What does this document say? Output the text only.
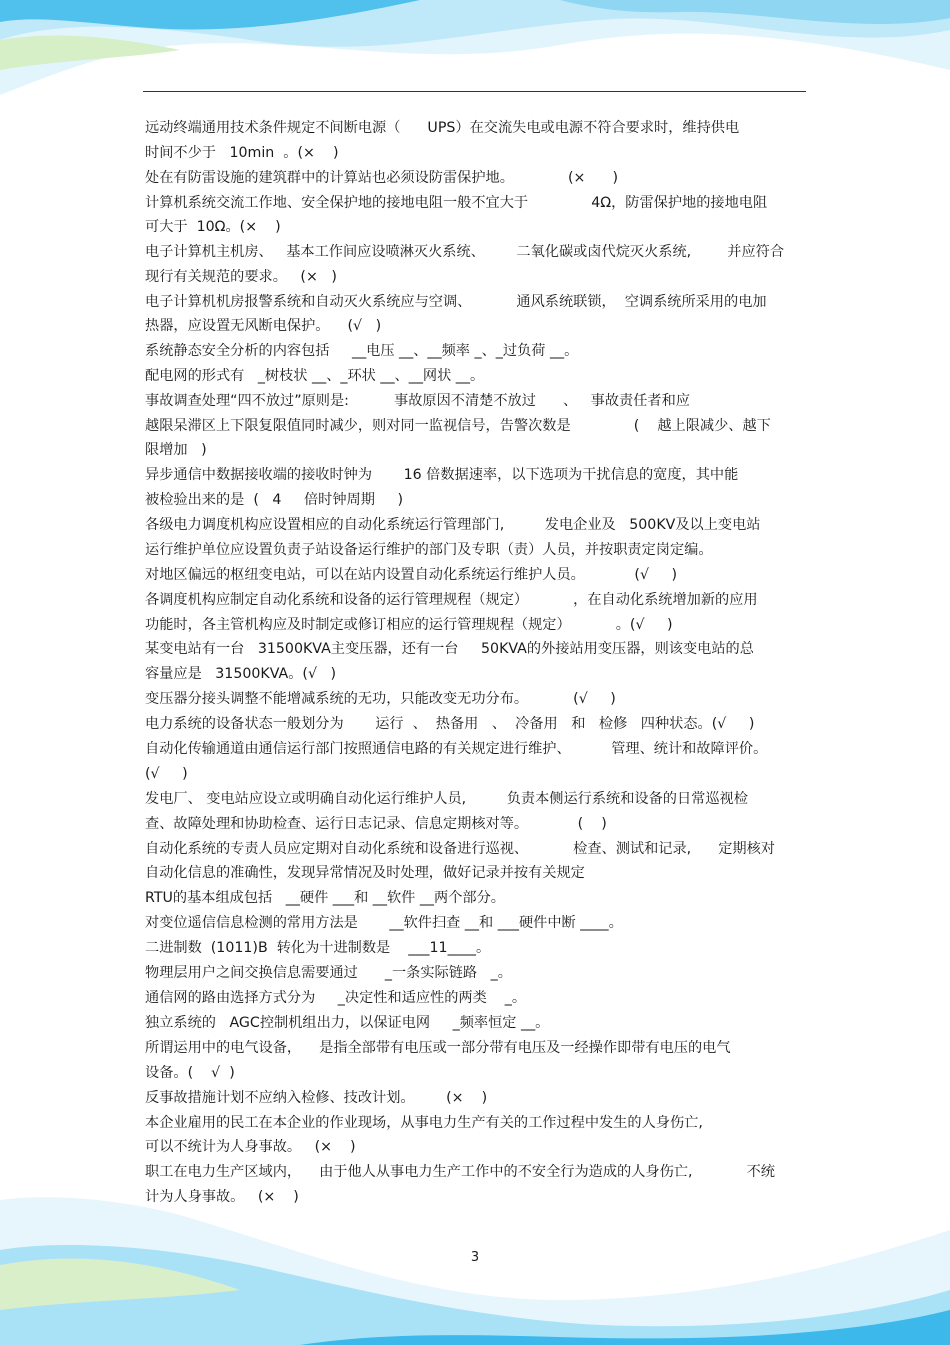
远动终端通用技术条件规定不间断电源（      UPS）在交流失电或电源不符合要求时，维持供电
时间不少于   10min  。(×    )
处在有防雷设施的建筑群中的计算站也必须设防雷保护地。            (×      )
计算机系统交流工作地、安全保护地的接地电阻一般不宜大于              4Ω，防雷保护地的接地电阻
可大于  10Ω。(×    )
电子计算机主机房、   基本工作间应设喷淋灭火系统、       二氧化碳或卤代烷灭火系统,        并应符合
现行有关规范的要求。   (×   )
电子计算机机房报警系统和自动灭火系统应与空调、          通风系统联锁，  空调系统所采用的电加
热器，应设置无风断电保护。    (√   )
系统静态安全分析的内容包括     __电压 __、__频率 _、_过负荷 __。
配电网的形式有   _树枝状 __、_环状 __、__网状 __。
事故调查处理“四不放过”原则是:          事故原因不清楚不放过      、   事故责任者和应
越限呆滞区上下限复限值同时减少，则对同一监视信号，告警次数是              (    越上限减少、越下
限增加   )
异步通信中数据接收端的接收时钟为       16 倍数据速率，以下选项为干扰信息的宽度，其中能
被检验出来的是  (   4     倍时钟周期     )
各级电力调度机构应设置相应的自动化系统运行管理部门,         发电企业及   500KV及以上变电站
运行维护单位应设置负责子站设备运行维护的部门及专职（责）人员，并按职责定岗定编。
对地区偏远的枢纽变电站，可以在站内设置自动化系统运行维护人员。           (√     )
各调度机构应制定自动化系统和设备的运行管理规程（规定）          ，在自动化系统增加新的应用
功能时，各主管机构应及时制定或修订相应的运行管理规程（规定）          。(√     )
某变电站有一台   31500KVA主变压器，还有一台     50KVA的外接站用变压器，则该变电站的总
容量应是   31500KVA。(√   )
变压器分接头调整不能增减系统的无功，只能改变无功分布。          (√     )
电力系统的设备状态一般划分为       运行  、  热备用   、  冷备用   和   检修   四种状态。(√     )
自动化传输通道由通信运行部门按照通信电路的有关规定进行维护、         管理、统计和故障评价。
(√     )
发电厂、 变电站应设立或明确自动化运行维护人员,         负责本侧运行系统和设备的日常巡视检
查、故障处理和协助检查、运行日志记录、信息定期核对等。           (    )
自动化系统的专责人员应定期对自动化系统和设备进行巡视、          检查、测试和记录,      定期核对
自动化信息的准确性，发现异常情况及时处理，做好记录并按有关规定
RTU的基本组成包括   __硬件 ___和 __软件 __两个部分。
对变位遥信信息检测的常用方法是       __软件扫查 __和 ___硬件中断 ____。
二进制数  (1011)B  转化为十进制数是    ___11____。
物理层用户之间交换信息需要通过      _一条实际链路   _。
通信网的路由选择方式分为     _决定性和适应性的两类    _。
独立系统的   AGC控制机组出力，以保证电网     _频率恒定 __。
所谓运用中的电气设备，    是指全部带有电压或一部分带有电压及一经操作即带有电压的电气
设备。(    √  )
反事故措施计划不应纳入检修、技改计划。       (×    )
本企业雇用的民工在本企业的作业现场，从事电力生产有关的工作过程中发生的人身伤亡,
可以不统计为人身事故。   (×    )
职工在电力生产区域内，    由于他人从事电力生产工作中的不安全行为造成的人身伤亡,            不统
计为人身事故。   (×    )
3
